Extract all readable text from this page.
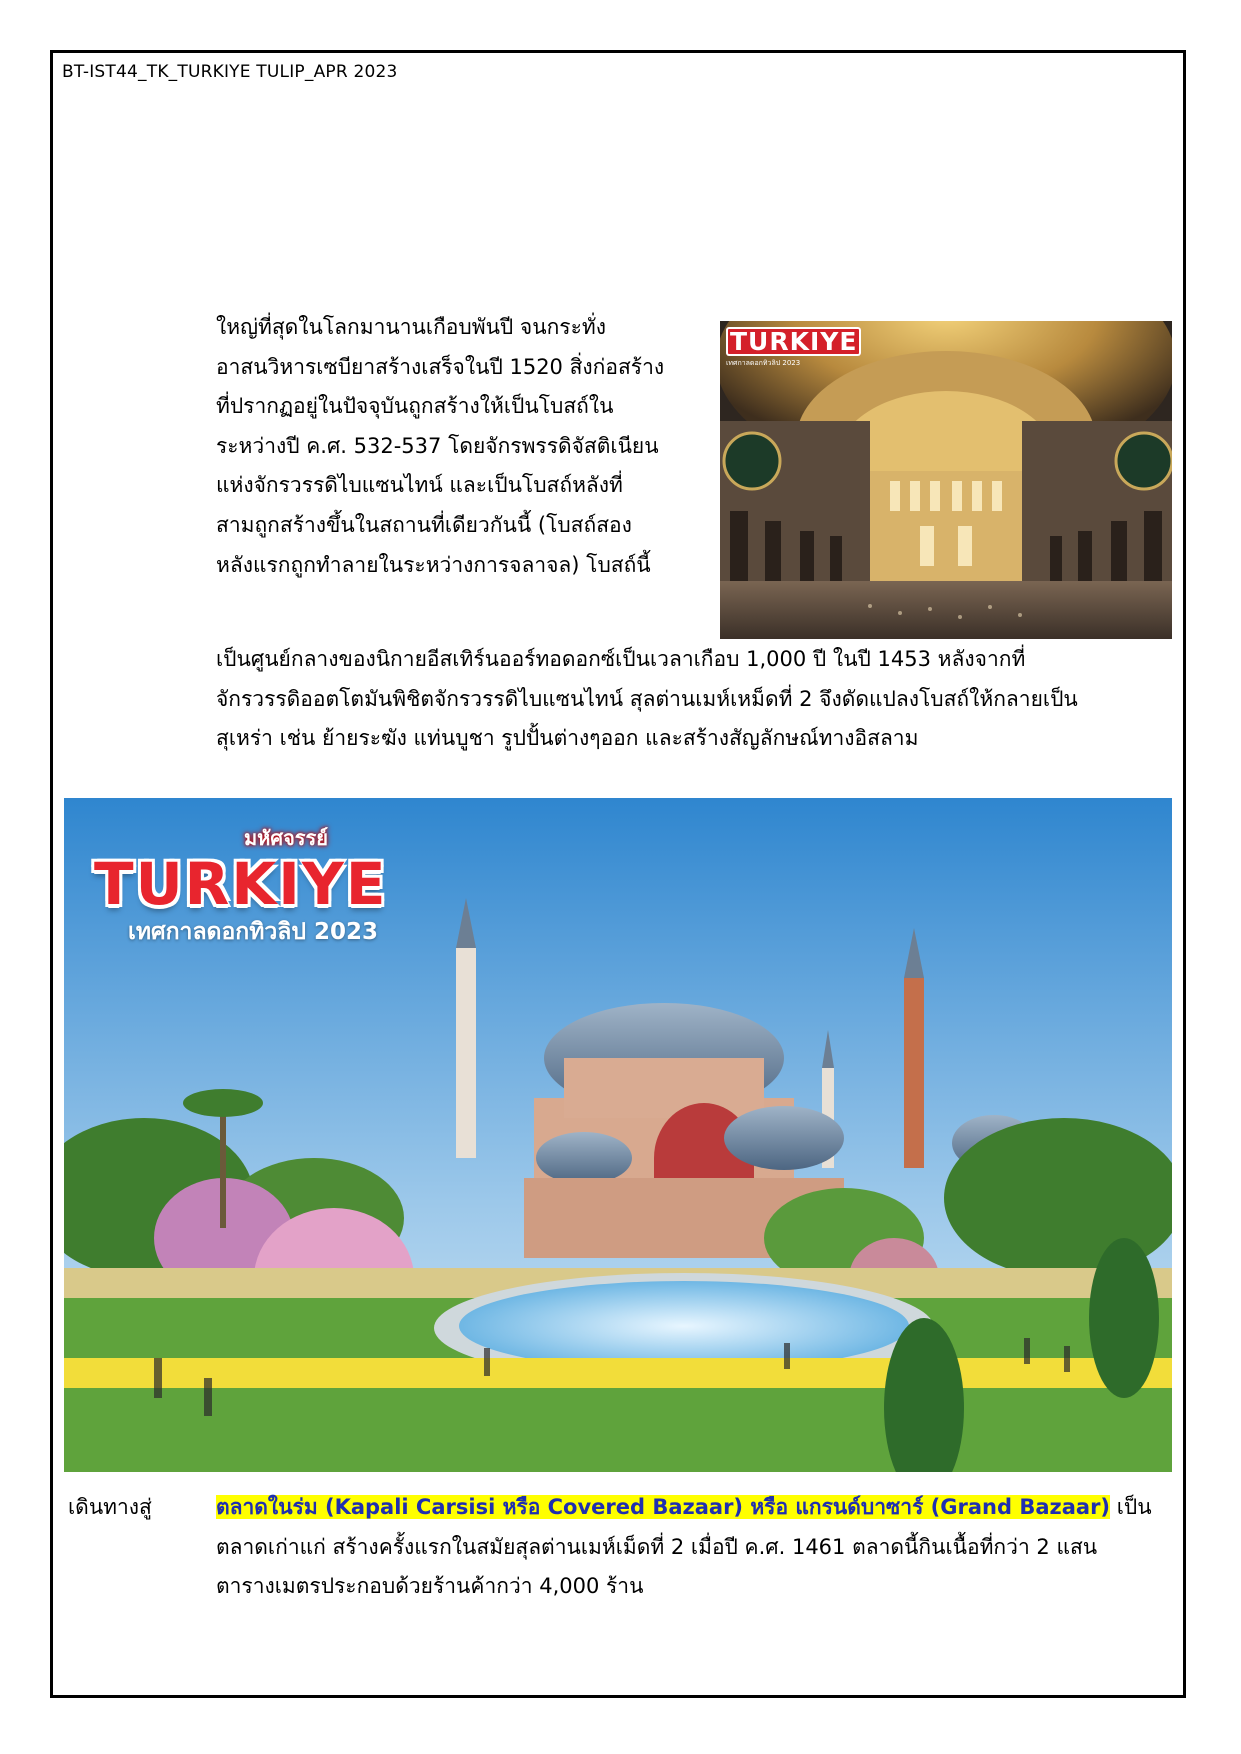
BT-IST44_TK_TURKIYE TULIP_APR 2023
ใหญ่ที่สุดในโลกมานานเกือบพันปี จนกระทั่ง
อาสนวิหารเซบียาสร้างเสร็จในปี 1520 สิ่งก่อสร้าง
ที่ปรากฏอยู่ในปัจจุบันถูกสร้างให้เป็นโบสถ์ใน
ระหว่างปี ค.ศ. 532-537 โดยจักรพรรดิจัสติเนียน
แห่งจักรวรรดิไบแซนไทน์ และเป็นโบสถ์หลังที่
สามถูกสร้างขึ้นในสถานที่เดียวกันนี้ (โบสถ์สอง
หลังแรกถูกทำลายในระหว่างการจลาจล) โบสถ์นี้
TURKIYE
เทศกาลดอกทิวลิป 2023
เป็นศูนย์กลางของนิกายอีสเทิร์นออร์ทอดอกซ์เป็นเวลาเกือบ 1,000 ปี ในปี 1453 หลังจากที่
จักรวรรดิออตโตมันพิชิตจักรวรรดิไบแซนไทน์ สุลต่านเมห์เหม็ดที่ 2 จึงดัดแปลงโบสถ์ให้กลายเป็น
สุเหร่า เช่น ย้ายระฆัง แท่นบูชา รูปปั้นต่างๆออก และสร้างสัญลักษณ์ทางอิสลาม
มหัศจรรย์
TURKIYE
เทศกาลดอกทิวลิป 2023
เดินทางสู่	ตลาดในร่ม (Kapali Carsisi หรือ Covered Bazaar) หรือ แกรนด์บาซาร์ (Grand Bazaar) เป็น
ตลาดเก่าแก่ สร้างครั้งแรกในสมัยสุลต่านเมห์เม็ดที่ 2 เมื่อปี ค.ศ. 1461 ตลาดนี้กินเนื้อที่กว่า 2 แสน
ตารางเมตรประกอบด้วยร้านค้ากว่า 4,000 ร้าน
